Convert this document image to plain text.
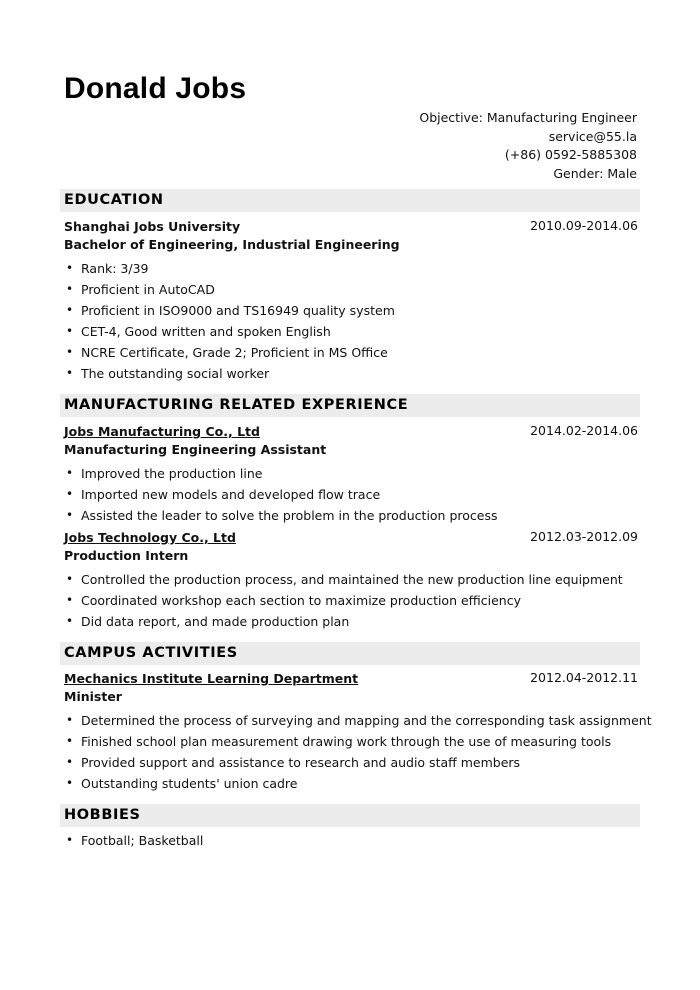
Donald Jobs
Objective: Manufacturing Engineer
service@55.la
(+86) 0592-5885308
Gender: Male
EDUCATION
Shanghai Jobs University	2010.09-2014.06
Bachelor of Engineering, Industrial Engineering
• Rank: 3/39
• Proficient in AutoCAD
• Proficient in ISO9000 and TS16949 quality system
• CET-4, Good written and spoken English
• NCRE Certificate, Grade 2; Proficient in MS Office
• The outstanding social worker
MANUFACTURING RELATED EXPERIENCE
Jobs Manufacturing Co., Ltd	2014.02-2014.06
Manufacturing Engineering Assistant
• Improved the production line
• Imported new models and developed flow trace
• Assisted the leader to solve the problem in the production process
Jobs Technology Co., Ltd	2012.03-2012.09
Production Intern
• Controlled the production process, and maintained the new production line equipment
• Coordinated workshop each section to maximize production efficiency
• Did data report, and made production plan
CAMPUS ACTIVITIES
Mechanics Institute Learning Department	2012.04-2012.11
Minister
• Determined the process of surveying and mapping and the corresponding task assignment
• Finished school plan measurement drawing work through the use of measuring tools
• Provided support and assistance to research and audio staff members
• Outstanding students' union cadre
HOBBIES
• Football; Basketball
